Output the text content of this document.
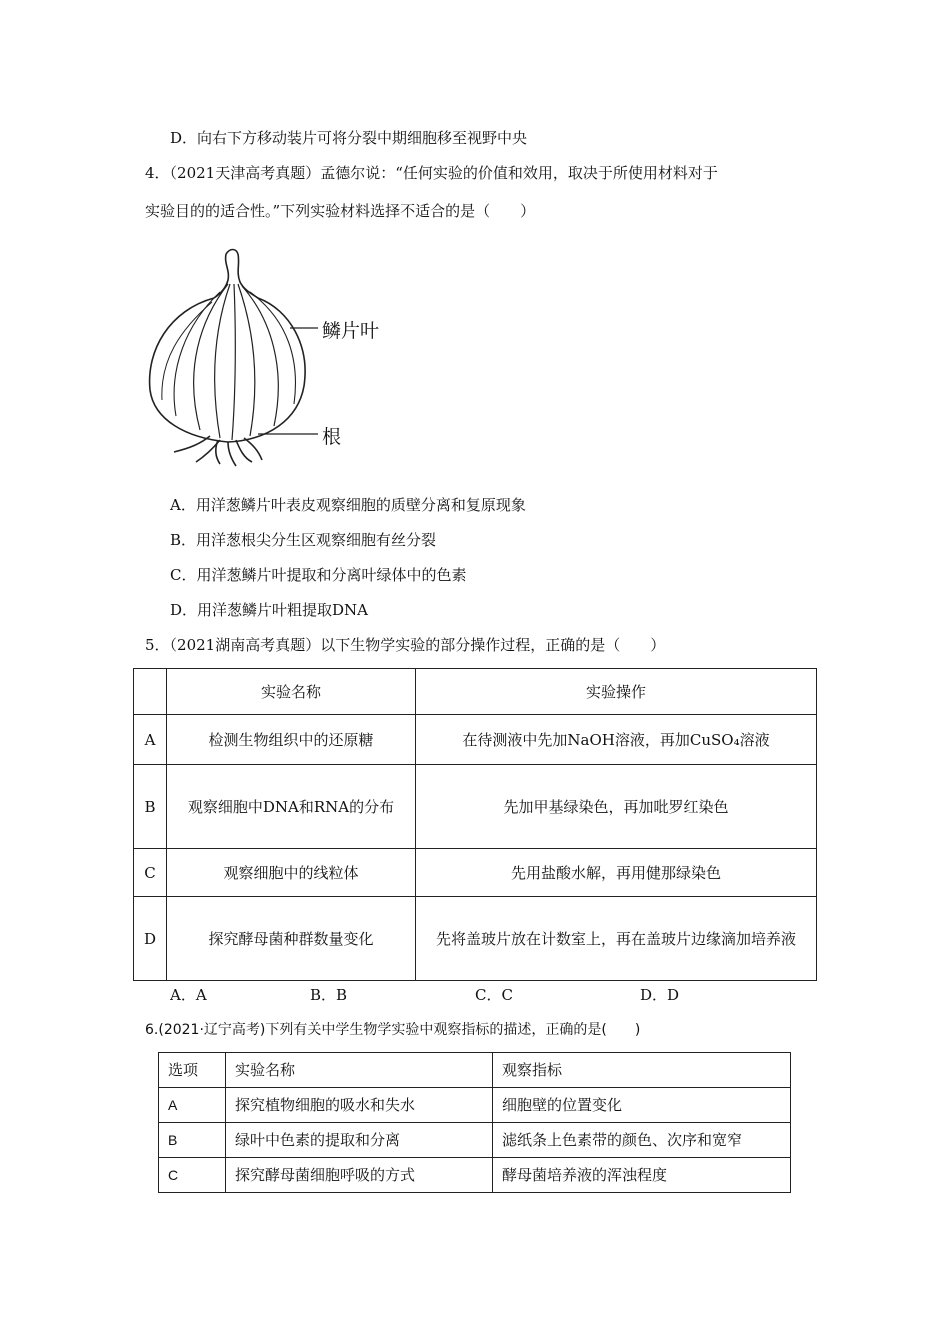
D．向右下方移动装片可将分裂中期细胞移至视野中央
4．（2021天津高考真题）孟德尔说：“任何实验的价值和效用，取决于所使用材料对于
实验目的的适合性。”下列实验材料选择不适合的是（　　）
鳞片叶
根
A．用洋葱鳞片叶表皮观察细胞的质壁分离和复原现象
B．用洋葱根尖分生区观察细胞有丝分裂
C．用洋葱鳞片叶提取和分离叶绿体中的色素
D．用洋葱鳞片叶粗提取DNA
5．（2021湖南高考真题）以下生物学实验的部分操作过程，正确的是（　　）
	实验名称	实验操作
A	检测生物组织中的还原糖	在待测液中先加NaOH溶液，再加CuSO₄溶液
B	观察细胞中DNA和RNA的分布	先加甲基绿染色，再加吡罗红染色
C	观察细胞中的线粒体	先用盐酸水解，再用健那绿染色
D	探究酵母菌种群数量变化	先将盖玻片放在计数室上，再在盖玻片边缘滴加培养液
A．A	B．B	C．C	D．D
6.(2021·辽宁高考)下列有关中学生物学实验中观察指标的描述，正确的是(　　)
选项	实验名称	观察指标
A	探究植物细胞的吸水和失水	细胞壁的位置变化
B	绿叶中色素的提取和分离	滤纸条上色素带的颜色、次序和宽窄
C	探究酵母菌细胞呼吸的方式	酵母菌培养液的浑浊程度
